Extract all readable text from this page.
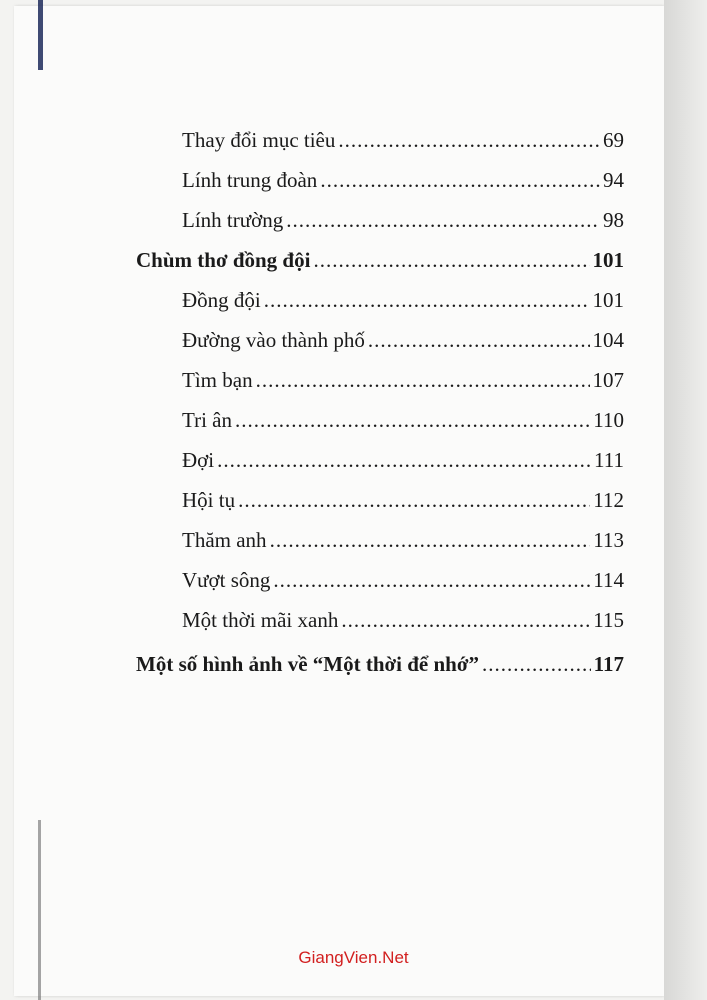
Thay đổi mục tiêu .....	69
Lính trung đoàn .....	94
Lính trường .....	98
Chùm thơ đồng đội .....	101
Đồng đội .....	101
Đường vào thành phố .....	104
Tìm bạn .....	107
Tri ân .....	110
Đợi .....	111
Hội tụ .....	112
Thăm anh .....	113
Vượt sông .....	114
Một thời mãi xanh .....	115
Một số hình ảnh về “Một thời để nhớ” .....	117
GiangVien.Net
